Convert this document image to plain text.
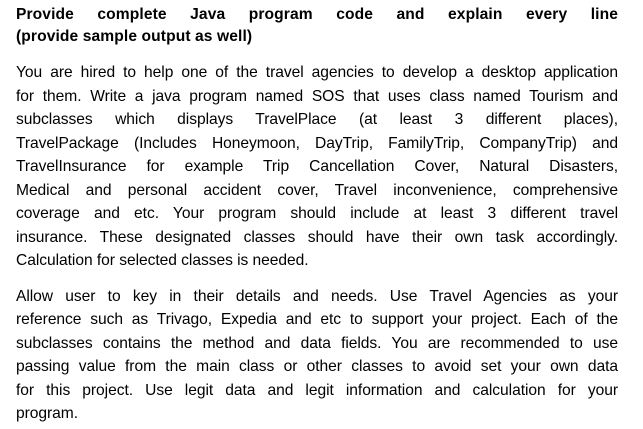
Provide complete Java program code and explain every line
(provide sample output as well)
You are hired to help one of the travel agencies to develop a desktop application
for them. Write a java program named SOS that uses class named Tourism and
subclasses which displays TravelPlace (at least 3 different places),
TravelPackage (Includes Honeymoon, DayTrip, FamilyTrip, CompanyTrip) and
TravelInsurance for example Trip Cancellation Cover, Natural Disasters,
Medical and personal accident cover, Travel inconvenience, comprehensive
coverage and etc. Your program should include at least 3 different travel
insurance. These designated classes should have their own task accordingly.
Calculation for selected classes is needed.
Allow user to key in their details and needs. Use Travel Agencies as your
reference such as Trivago, Expedia and etc to support your project. Each of the
subclasses contains the method and data fields. You are recommended to use
passing value from the main class or other classes to avoid set your own data
for this project. Use legit data and legit information and calculation for your
program.
